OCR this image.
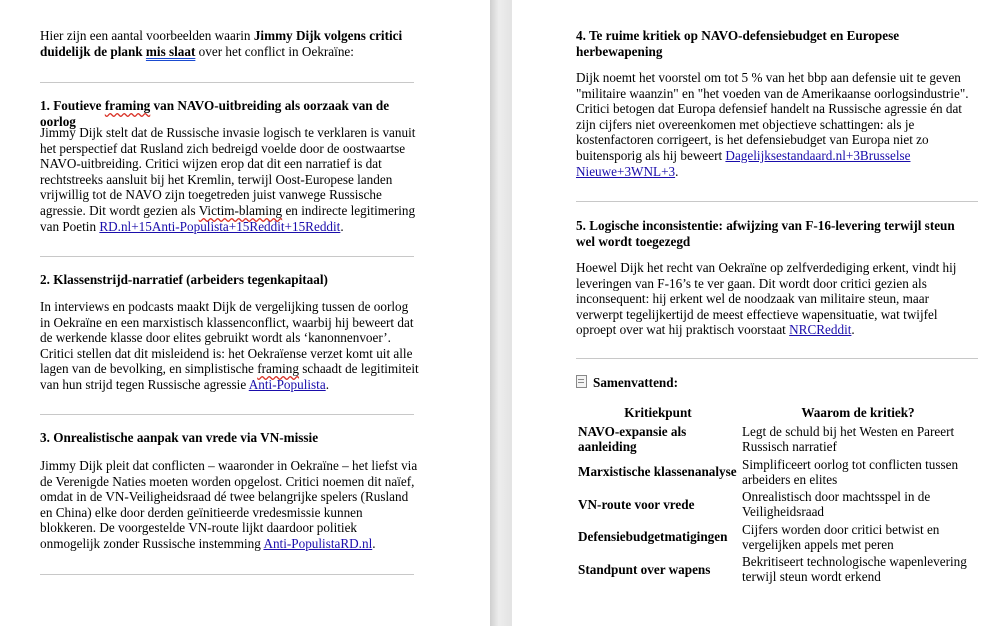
Hier zijn een aantal voorbeelden waarin Jimmy Dijk volgens critici duidelijk de plank mis slaat over het conflict in Oekraïne:
1. Foutieve framing van NAVO-uitbreiding als oorzaak van de oorlog
Jimmy Dijk stelt dat de Russische invasie logisch te verklaren is vanuit het perspectief dat Rusland zich bedreigd voelde door de oostwaartse NAVO-uitbreiding. Critici wijzen erop dat dit een narratief is dat rechtstreeks aansluit bij het Kremlin, terwijl Oost-Europese landen vrijwillig tot de NAVO zijn toegetreden juist vanwege Russische agressie. Dit wordt gezien als Victim-blaming en indirecte legitimering van Poetin RD.nl+15Anti-Populista+15Reddit+15Reddit.
2. Klassenstrijd-narratief (arbeiders tegenkapitaal)
In interviews en podcasts maakt Dijk de vergelijking tussen de oorlog in Oekraïne en een marxistisch klassenconflict, waarbij hij beweert dat de werkende klasse door elites gebruikt wordt als ‘kanonnenvoer’. Critici stellen dat dit misleidend is: het Oekraïense verzet komt uit alle lagen van de bevolking, en simplistische framing schaadt de legitimiteit van hun strijd tegen Russische agressie Anti-Populista.
3. Onrealistische aanpak van vrede via VN-missie
Jimmy Dijk pleit dat conflicten – waaronder in Oekraïne – het liefst via de Verenigde Naties moeten worden opgelost. Critici noemen dit naïef, omdat in de VN-Veiligheidsraad dé twee belangrijke spelers (Rusland en China) elke door derden geïnitieerde vredesmissie kunnen blokkeren. De voorgestelde VN-route lijkt daardoor politiek onmogelijk zonder Russische instemming Anti-PopulistaRD.nl.
4. Te ruime kritiek op NAVO-defensiebudget en Europese herbewapening
Dijk noemt het voorstel om tot 5 % van het bbp aan defensie uit te geven "militaire waanzin" en "het voeden van de Amerikaanse oorlogsindustrie". Critici betogen dat Europa defensief handelt na Russische agressie én dat zijn cijfers niet overeenkomen met objectieve schattingen: als je kostenfactoren corrigeert, is het defensiebudget van Europa niet zo buitensporig als hij beweert Dagelijksestandaard.nl+3Brusselse Nieuwe+3WNL+3.
5. Logische inconsistentie: afwijzing van F-16-levering terwijl steun wel wordt toegezegd
Hoewel Dijk het recht van Oekraïne op zelfverdediging erkent, vindt hij leveringen van F-16’s te ver gaan. Dit wordt door critici gezien als inconsequent: hij erkent wel de noodzaak van militaire steun, maar verwerpt tegelijkertijd de meest effectieve wapensituatie, wat twijfel oproept over wat hij praktisch voorstaat NRCReddit.
Samenvattend:
Kritiekpunt	Waarom de kritiek?
NAVO-expansie als aanleiding	Legt de schuld bij het Westen en Pareert Russisch narratief
Marxistische klassenanalyse	Simplificeert oorlog tot conflicten tussen arbeiders en elites
VN-route voor vrede	Onrealistisch door machtsspel in de Veiligheidsraad
Defensiebudgetmatigingen	Cijfers worden door critici betwist en vergelijken appels met peren
Standpunt over wapens	Bekritiseert technologische wapenlevering terwijl steun wordt erkend
